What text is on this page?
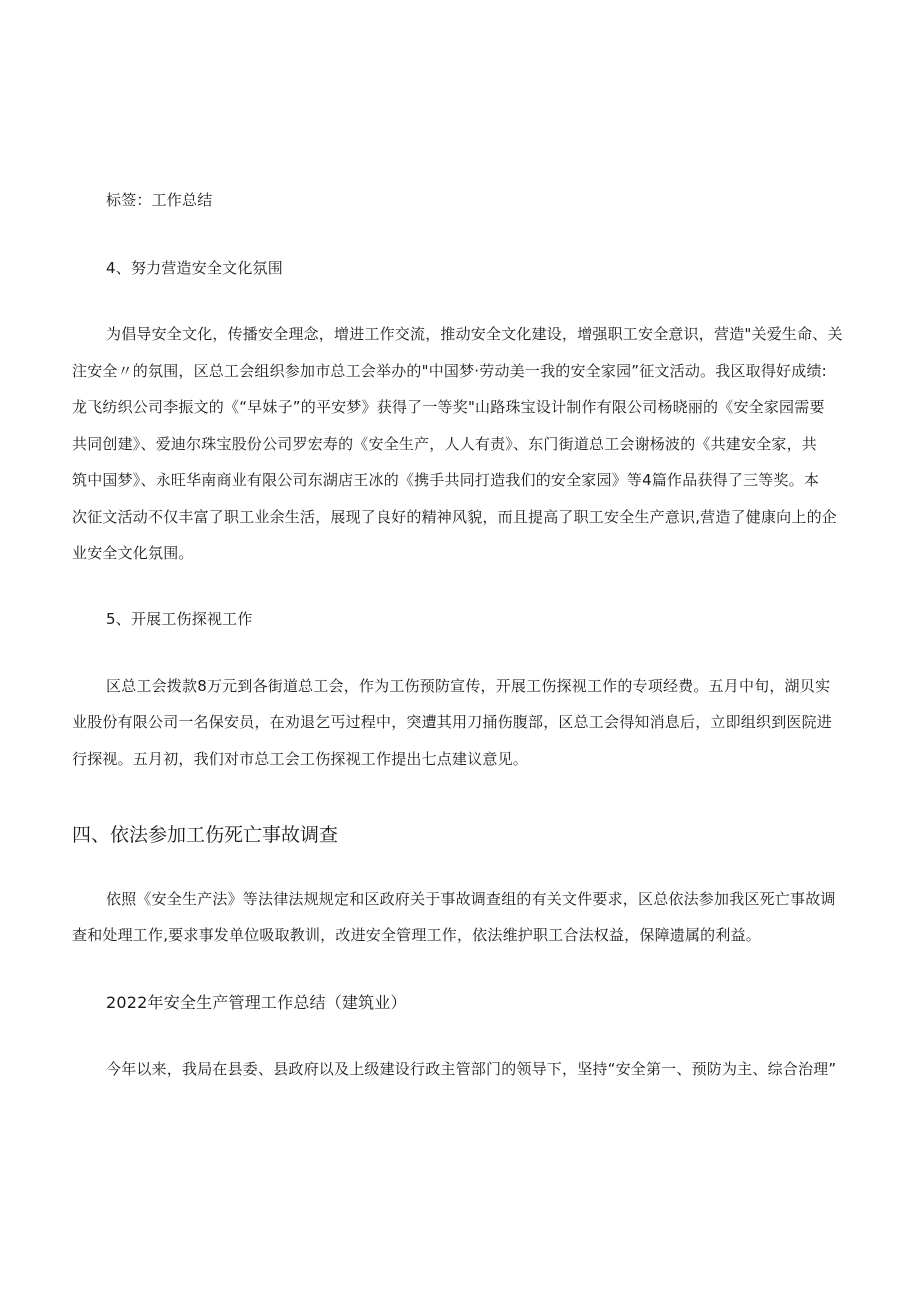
标签：工作总结
4、努力营造安全文化氛围
为倡导安全文化，传播安全理念，增进工作交流，推动安全文化建设，增强职工安全意识，营造"关爱生命、关
注安全〃的氛围，区总工会组织参加市总工会举办的"中国梦·劳动美一我的安全家园”征文活动。我区取得好成绩:
龙飞纺织公司李振文的《“早妹子”的平安梦》获得了一等奖"山路珠宝设计制作有限公司杨晓丽的《安全家园需要
共同创建》、爱迪尔珠宝股份公司罗宏寿的《安全生产，人人有责》、东门街道总工会谢杨波的《共建安全家，共
筑中国梦》、永旺华南商业有限公司东湖店王冰的《携手共同打造我们的安全家园》等4篇作品获得了三等奖。本
次征文活动不仅丰富了职工业余生活，展现了良好的精神风貌，而且提高了职工安全生产意识,营造了健康向上的企
业安全文化氛围。
5、开展工伤探视工作
区总工会拨款8万元到各街道总工会，作为工伤预防宣传，开展工伤探视工作的专项经费。五月中旬，湖贝实
业股份有限公司一名保安员，在劝退乞丐过程中，突遭其用刀捅伤腹部，区总工会得知消息后，立即组织到医院进
行探视。五月初，我们对市总工会工伤探视工作提出七点建议意见。
四、依法参加工伤死亡事故调查
依照《安全生产法》等法律法规规定和区政府关于事故调查组的有关文件要求，区总依法参加我区死亡事故调
查和处理工作,要求事发单位吸取教训，改进安全管理工作，依法维护职工合法权益，保障遗属的利益。
2022年安全生产管理工作总结（建筑业）
今年以来，我局在县委、县政府以及上级建设行政主管部门的领导下，坚持“安全第一、预防为主、综合治理”
